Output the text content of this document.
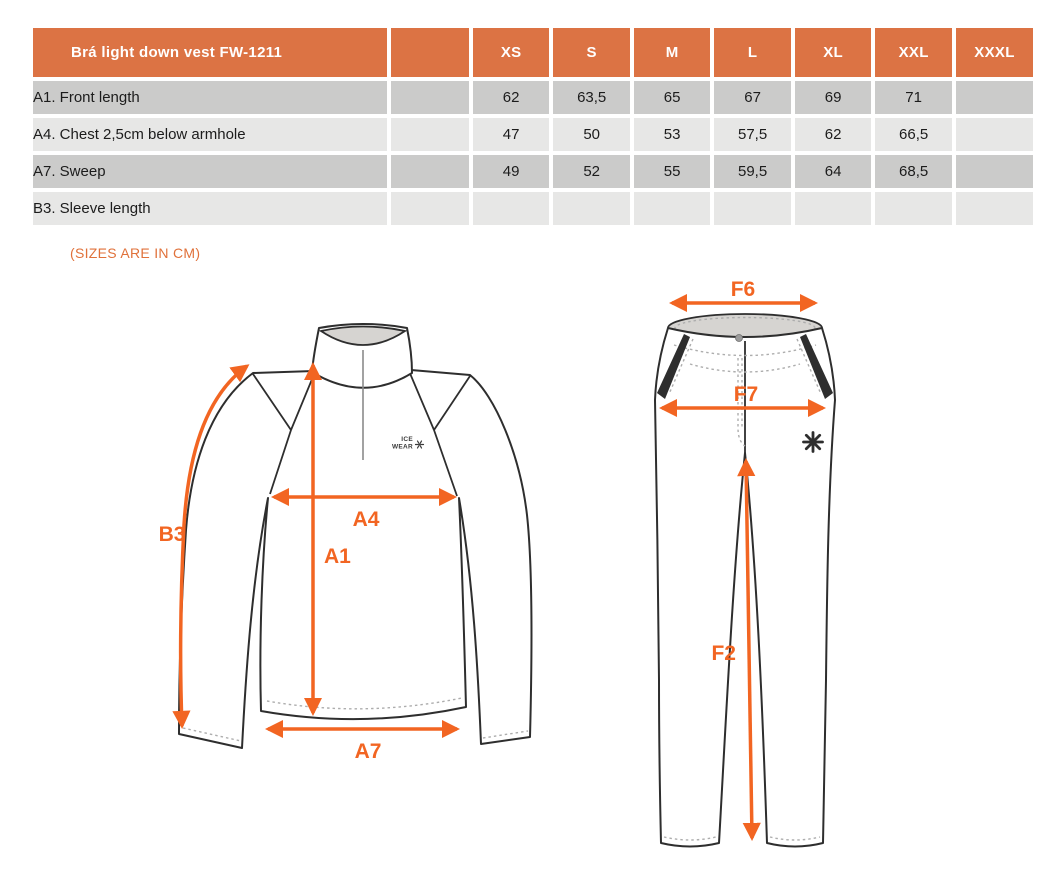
Brá light down vest FW-1211		XS	S	M	L	XL	XXL	XXXL
A1. Front length		62	63,5	65	67	69	71	
A4. Chest 2,5cm below armhole		47	50	53	57,5	62	66,5	
A7. Sweep		49	52	55	59,5	64	68,5	
B3. Sleeve length								
(SIZES ARE IN CM)
ICE
WEAR
B3
A1
A4
A7
F6
F7
F2
